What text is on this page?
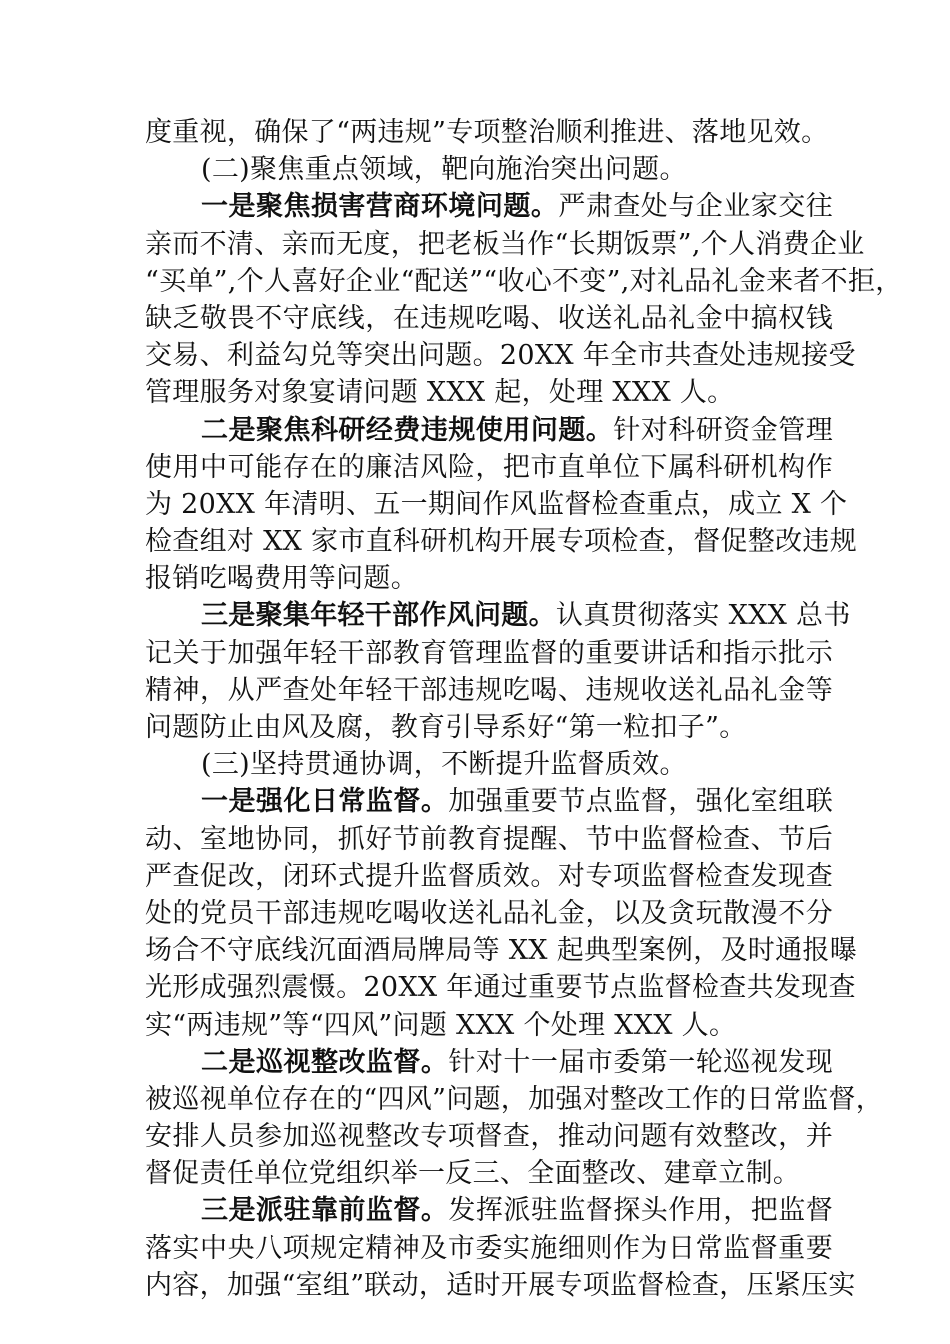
度重视，确保了“两违规”专项整治顺利推进、落地见效。
(二)聚焦重点领域，靶向施治突出问题。
一是聚焦损害营商环境问题。严肃查处与企业家交往
亲而不清、亲而无度，把老板当作“长期饭票”,个人消费企业
“买单”,个人喜好企业“配送”“收心不变”,对礼品礼金来者不拒，
缺乏敬畏不守底线，在违规吃喝、收送礼品礼金中搞权钱
交易、利益勾兑等突出问题。20XX 年全市共查处违规接受
管理服务对象宴请问题 XXX 起，处理 XXX 人。
二是聚焦科研经费违规使用问题。针对科研资金管理
使用中可能存在的廉洁风险，把市直单位下属科研机构作
为 20XX 年清明、五一期间作风监督检查重点，成立 X 个
检查组对 XX 家市直科研机构开展专项检查，督促整改违规
报销吃喝费用等问题。
三是聚集年轻干部作风问题。认真贯彻落实 XXX 总书
记关于加强年轻干部教育管理监督的重要讲话和指示批示
精神，从严查处年轻干部违规吃喝、违规收送礼品礼金等
问题防止由风及腐，教育引导系好“第一粒扣子”。
(三)坚持贯通协调，不断提升监督质效。
一是强化日常监督。加强重要节点监督，强化室组联
动、室地协同，抓好节前教育提醒、节中监督检查、节后
严查促改，闭环式提升监督质效。对专项监督检查发现查
处的党员干部违规吃喝收送礼品礼金，以及贪玩散漫不分
场合不守底线沉面酒局牌局等 XX 起典型案例，及时通报曝
光形成强烈震慑。20XX 年通过重要节点监督检查共发现查
实“两违规”等“四风”问题 XXX 个处理 XXX 人。
二是巡视整改监督。针对十一届市委第一轮巡视发现
被巡视单位存在的“四风”问题，加强对整改工作的日常监督，
安排人员参加巡视整改专项督查，推动问题有效整改，并
督促责任单位党组织举一反三、全面整改、建章立制。
三是派驻靠前监督。发挥派驻监督探头作用，把监督
落实中央八项规定精神及市委实施细则作为日常监督重要
内容，加强“室组”联动，适时开展专项监督检查，压紧压实
